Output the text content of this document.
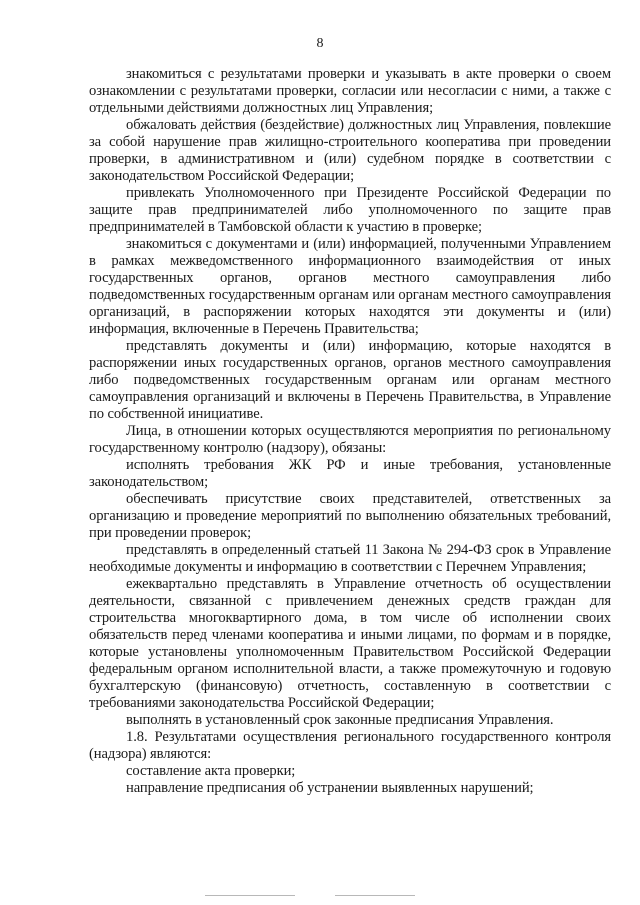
8

знакомиться с результатами проверки и указывать в акте проверки о своем ознакомлении с результатами проверки, согласии или несогласии с ними, а также с отдельными действиями должностных лиц Управления;

обжаловать действия (бездействие) должностных лиц Управления, повлекшие за собой нарушение прав жилищно-строительного кооператива при проведении проверки, в административном и (или) судебном порядке в соответствии с законодательством Российской Федерации;

привлекать Уполномоченного при Президенте Российской Федерации по защите прав предпринимателей либо уполномоченного по защите прав предпринимателей в Тамбовской области к участию в проверке;

знакомиться с документами и (или) информацией, полученными Управлением в рамках межведомственного информационного взаимодействия от иных государственных органов, органов местного самоуправления либо подведомственных государственным органам или органам местного самоуправления организаций, в распоряжении которых находятся эти документы и (или) информация, включенные в Перечень Правительства;

представлять документы и (или) информацию, которые находятся в распоряжении иных государственных органов, органов местного самоуправления либо подведомственных государственным органам или органам местного самоуправления организаций и включены в Перечень Правительства, в Управление по собственной инициативе.

Лица, в отношении которых осуществляются мероприятия по региональному государственному контролю (надзору), обязаны:

исполнять требования ЖК РФ и иные требования, установленные законодательством;

обеспечивать присутствие своих представителей, ответственных за организацию и проведение мероприятий по выполнению обязательных требований, при проведении проверок;

представлять в определенный статьей 11 Закона № 294-ФЗ срок в Управление необходимые документы и информацию в соответствии с Перечнем Управления;

ежеквартально представлять в Управление отчетность об осуществлении деятельности, связанной с привлечением денежных средств граждан для строительства многоквартирного дома, в том числе об исполнении своих обязательств перед членами кооператива и иными лицами, по формам и в порядке, которые установлены уполномоченным Правительством Российской Федерации федеральным органом исполнительной власти, а также промежуточную и годовую бухгалтерскую (финансовую) отчетность, составленную в соответствии с требованиями законодательства Российской Федерации;

выполнять в установленный срок законные предписания Управления.

1.8. Результатами осуществления регионального государственного контроля (надзора) являются:

составление акта проверки;

направление предписания об устранении выявленных нарушений;
